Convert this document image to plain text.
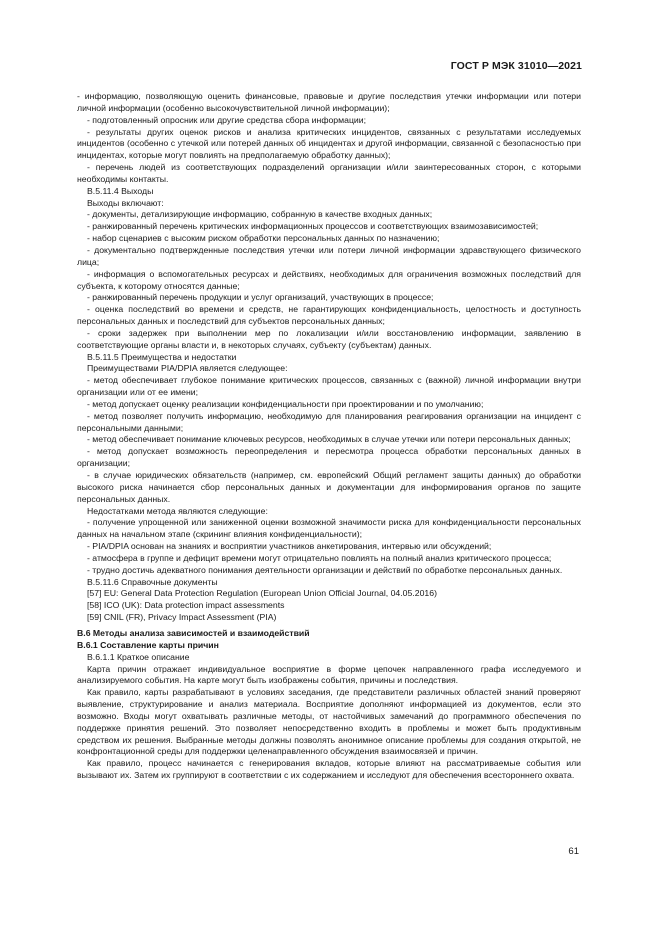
ГОСТ Р МЭК 31010—2021

- информацию, позволяющую оценить финансовые, правовые и другие последствия утечки информации или потери личной информации (особенно высокочувствительной личной информации);

- подготовленный опросник или другие средства сбора информации;

- результаты других оценок рисков и анализа критических инцидентов, связанных с результатами исследуемых инцидентов (особенно с утечкой или потерей данных об инцидентах и другой информации, связанной с безопасностью при инцидентах, которые могут повлиять на предполагаемую обработку данных);

- перечень людей из соответствующих подразделений организации и/или заинтересованных сторон, с которыми необходимы контакты.

B.5.11.4 Выходы

Выходы включают:

- документы, детализирующие информацию, собранную в качестве входных данных;

- ранжированный перечень критических информационных процессов и соответствующих взаимозависимостей;

- набор сценариев с высоким риском обработки персональных данных по назначению;

- документально подтвержденные последствия утечки или потери личной информации здравствующего физического лица;

- информация о вспомогательных ресурсах и действиях, необходимых для ограничения возможных последствий для субъекта, к которому относятся данные;

- ранжированный перечень продукции и услуг организаций, участвующих в процессе;

- оценка последствий во времени и средств, не гарантирующих конфиденциальность, целостность и доступность персональных данных и последствий для субъектов персональных данных;

- сроки задержек при выполнении мер по локализации и/или восстановлению информации, заявлению в соответствующие органы власти и, в некоторых случаях, субъекту (субъектам) данных.

B.5.11.5 Преимущества и недостатки

Преимуществами PIA/DPIA является следующее:

- метод обеспечивает глубокое понимание критических процессов, связанных с (важной) личной информации внутри организации или от ее имени;

- метод допускает оценку реализации конфиденциальности при проектировании и по умолчанию;

- метод позволяет получить информацию, необходимую для планирования реагирования организации на инцидент с персональными данными;

- метод обеспечивает понимание ключевых ресурсов, необходимых в случае утечки или потери персональных данных;

- метод допускает возможность переопределения и пересмотра процесса обработки персональных данных в организации;

- в случае юридических обязательств (например, см. европейский Общий регламент защиты данных) до обработки высокого риска начинается сбор персональных данных и документации для информирования органов по защите персональных данных.

Недостатками метода являются следующие:

- получение упрощенной или заниженной оценки возможной значимости риска для конфиденциальности персональных данных на начальном этапе (скрининг влияния конфиденциальности);

- PIA/DPIA основан на знаниях и восприятии участников анкетирования, интервью или обсуждений;

- атмосфера в группе и дефицит времени могут отрицательно повлиять на полный анализ критического процесса;

- трудно достичь адекватного понимания деятельности организации и действий по обработке персональных данных.

B.5.11.6 Справочные документы

[57] EU: General Data Protection Regulation (European Union Official Journal, 04.05.2016)

[58] ICO (UK): Data protection impact assessments

[59] CNIL (FR), Privacy Impact Assessment (PIA)

B.6 Методы анализа зависимостей и взаимодействий

B.6.1 Составление карты причин

B.6.1.1 Краткое описание

Карта причин отражает индивидуальное восприятие в форме цепочек направленного графа исследуемого и анализируемого события. На карте могут быть изображены события, причины и последствия.

Как правило, карты разрабатывают в условиях заседания, где представители различных областей знаний проверяют выявление, структурирование и анализ материала. Восприятие дополняют информацией из документов, если это возможно. Входы могут охватывать различные методы, от настойчивых замечаний до программного обеспечения по поддержке принятия решений. Это позволяет непосредственно входить в проблемы и может быть продуктивным средством их решения. Выбранные методы должны позволять анонимное описание проблемы для создания открытой, не конфронтационной среды для поддержки целенаправленного обсуждения взаимосвязей и причин.

Как правило, процесс начинается с генерирования вкладов, которые влияют на рассматриваемые события или вызывают их. Затем их группируют в соответствии с их содержанием и исследуют для обеспечения всестороннего охвата.

61
